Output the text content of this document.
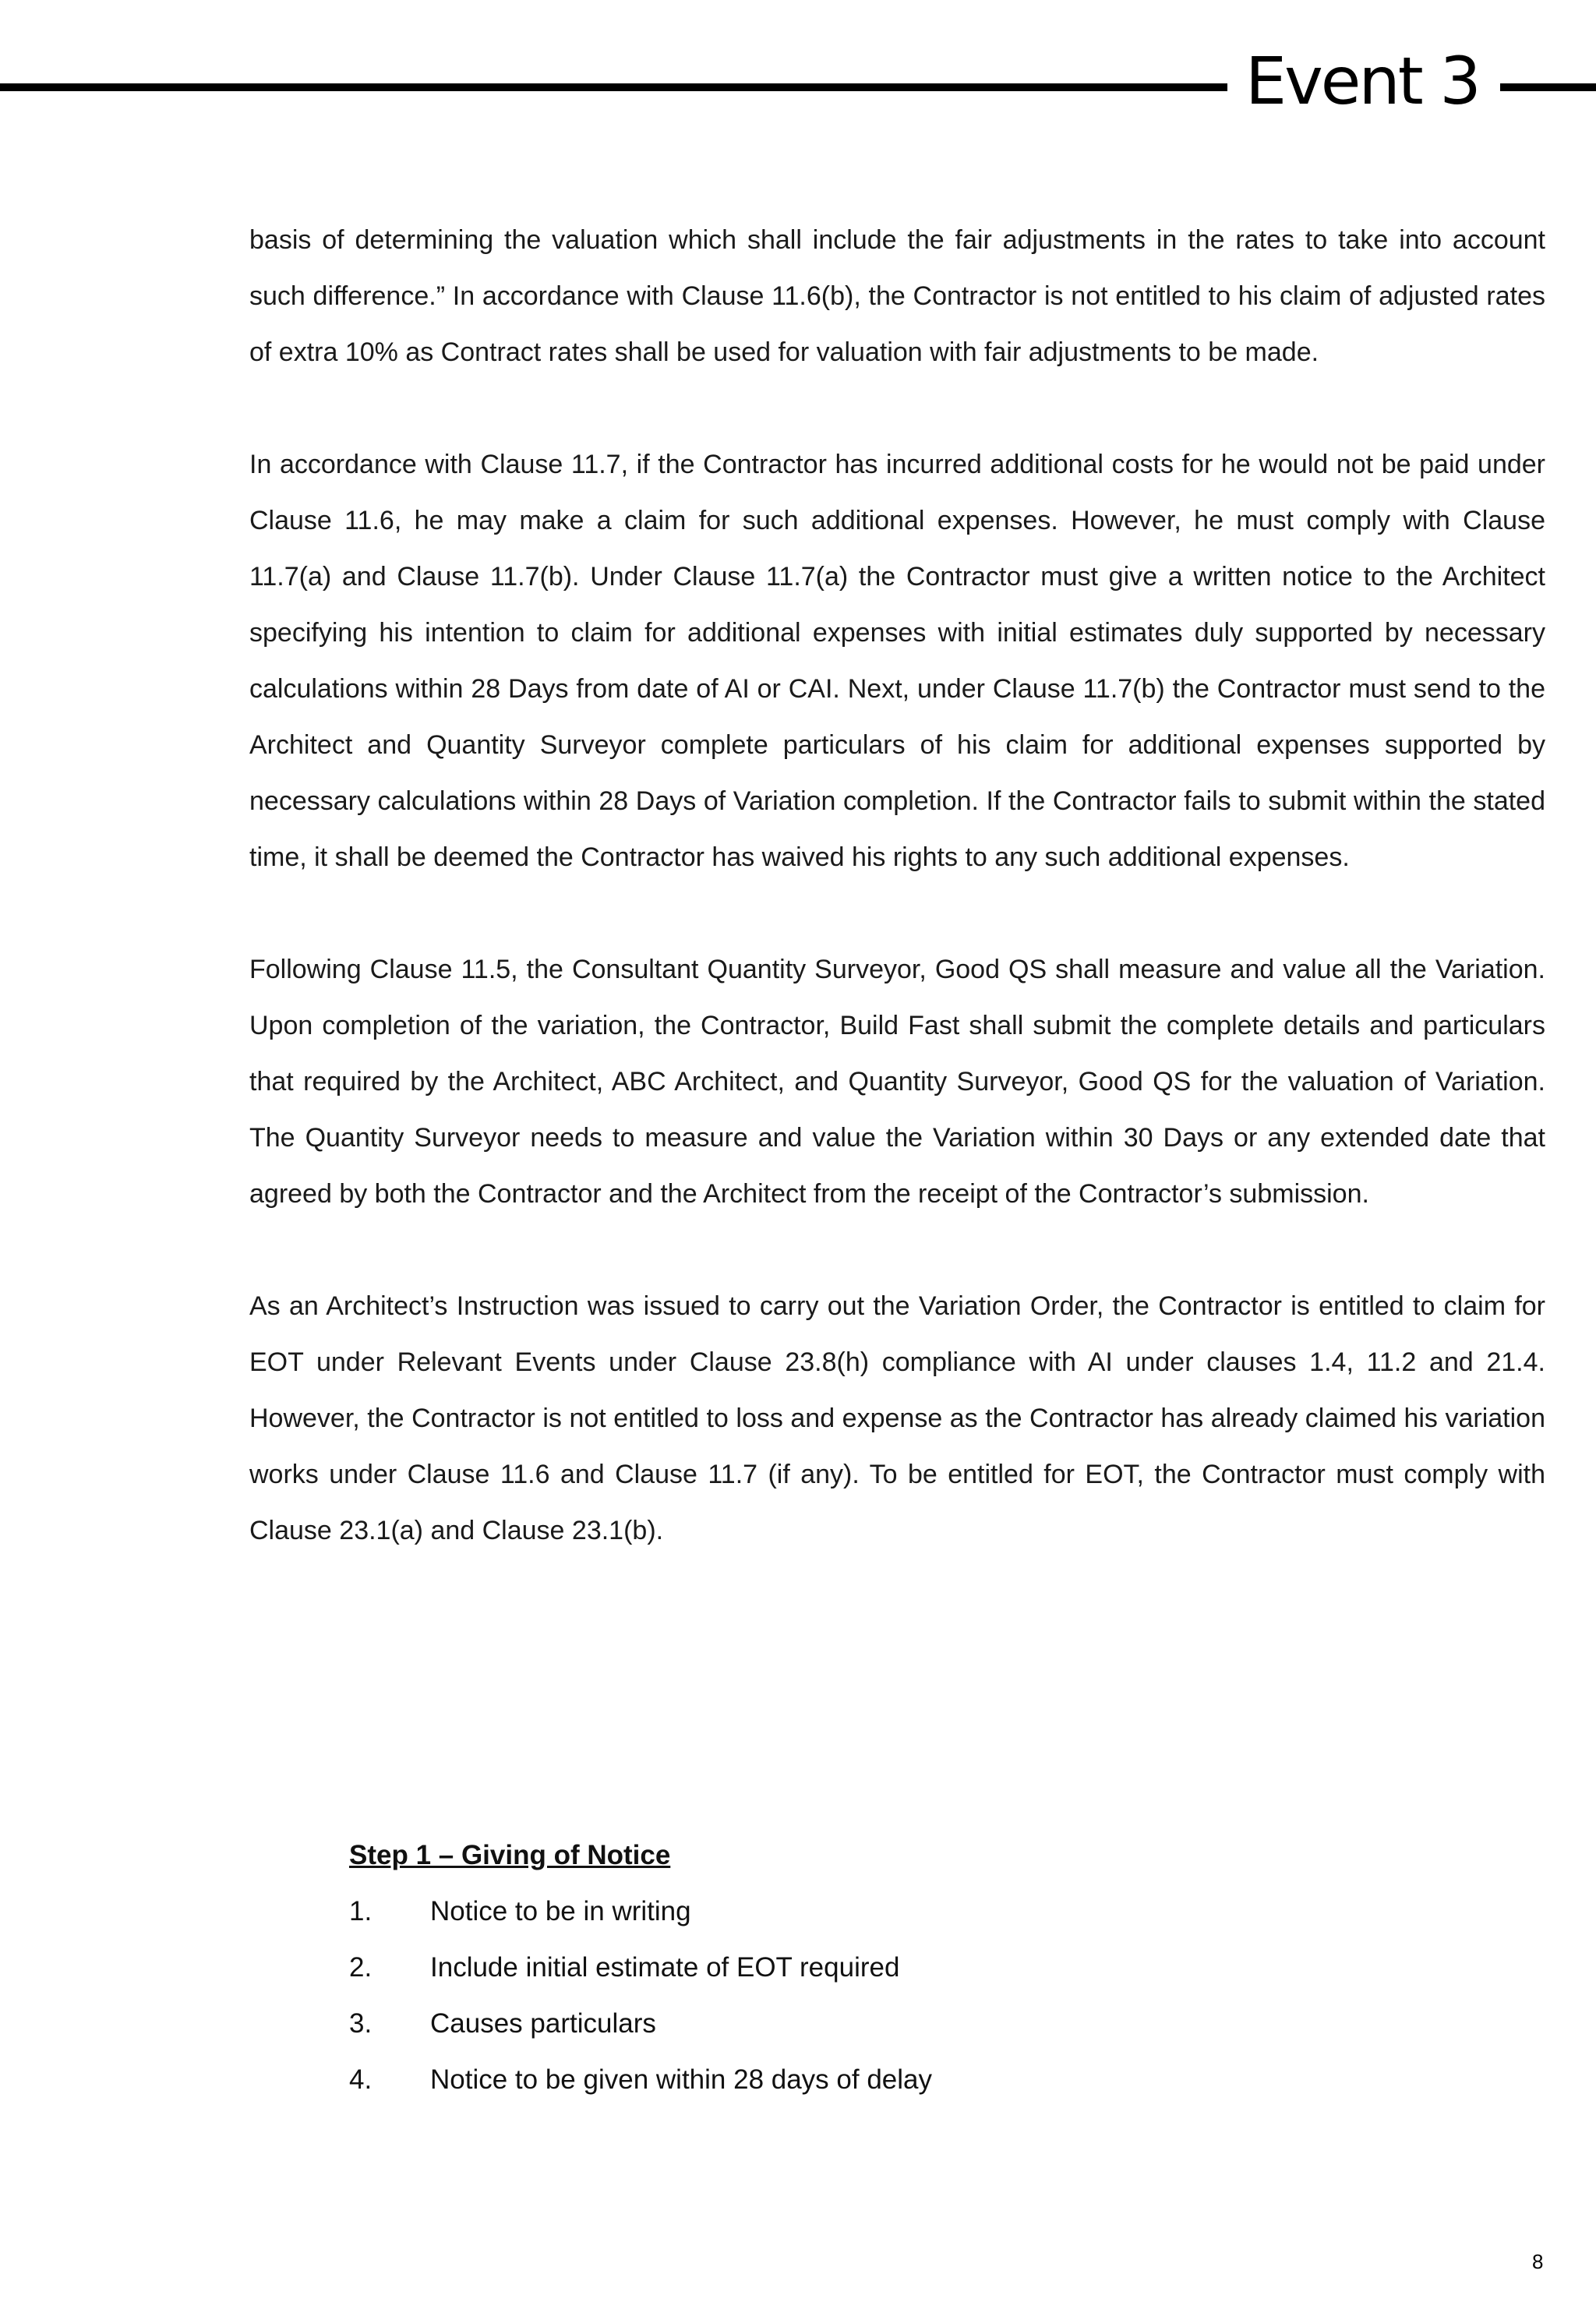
Event 3

basis of determining the valuation which shall include the fair adjustments in the rates to take into account such difference.” In accordance with Clause 11.6(b), the Contractor is not entitled to his claim of adjusted rates of extra 10% as Contract rates shall be used for valuation with fair adjustments to be made.

In accordance with Clause 11.7, if the Contractor has incurred additional costs for he would not be paid under Clause 11.6, he may make a claim for such additional expenses. However, he must comply with Clause 11.7(a) and Clause 11.7(b). Under Clause 11.7(a) the Contractor must give a written notice to the Architect specifying his intention to claim for additional expenses with initial estimates duly supported by necessary calculations within 28 Days from date of AI or CAI. Next, under Clause 11.7(b) the Contractor must send to the Architect and Quantity Surveyor complete particulars of his claim for additional expenses supported by necessary calculations within 28 Days of Variation completion. If the Contractor fails to submit within the stated time, it shall be deemed the Contractor has waived his rights to any such additional expenses.

Following Clause 11.5, the Consultant Quantity Surveyor, Good QS shall measure and value all the Variation. Upon completion of the variation, the Contractor, Build Fast shall submit the complete details and particulars that required by the Architect, ABC Architect, and Quantity Surveyor, Good QS for the valuation of Variation. The Quantity Surveyor needs to measure and value the Variation within 30 Days or any extended date that agreed by both the Contractor and the Architect from the receipt of the Contractor’s submission.

As an Architect’s Instruction was issued to carry out the Variation Order, the Contractor is entitled to claim for EOT under Relevant Events under Clause 23.8(h) compliance with AI under clauses 1.4, 11.2 and 21.4. However, the Contractor is not entitled to loss and expense as the Contractor has already claimed his variation works under Clause 11.6 and Clause 11.7 (if any). To be entitled for EOT, the Contractor must comply with Clause 23.1(a) and Clause 23.1(b).

Step 1 – Giving of Notice

1.	Notice to be in writing
2.	Include initial estimate of EOT required
3.	Causes particulars
4.	Notice to be given within 28 days of delay
8
